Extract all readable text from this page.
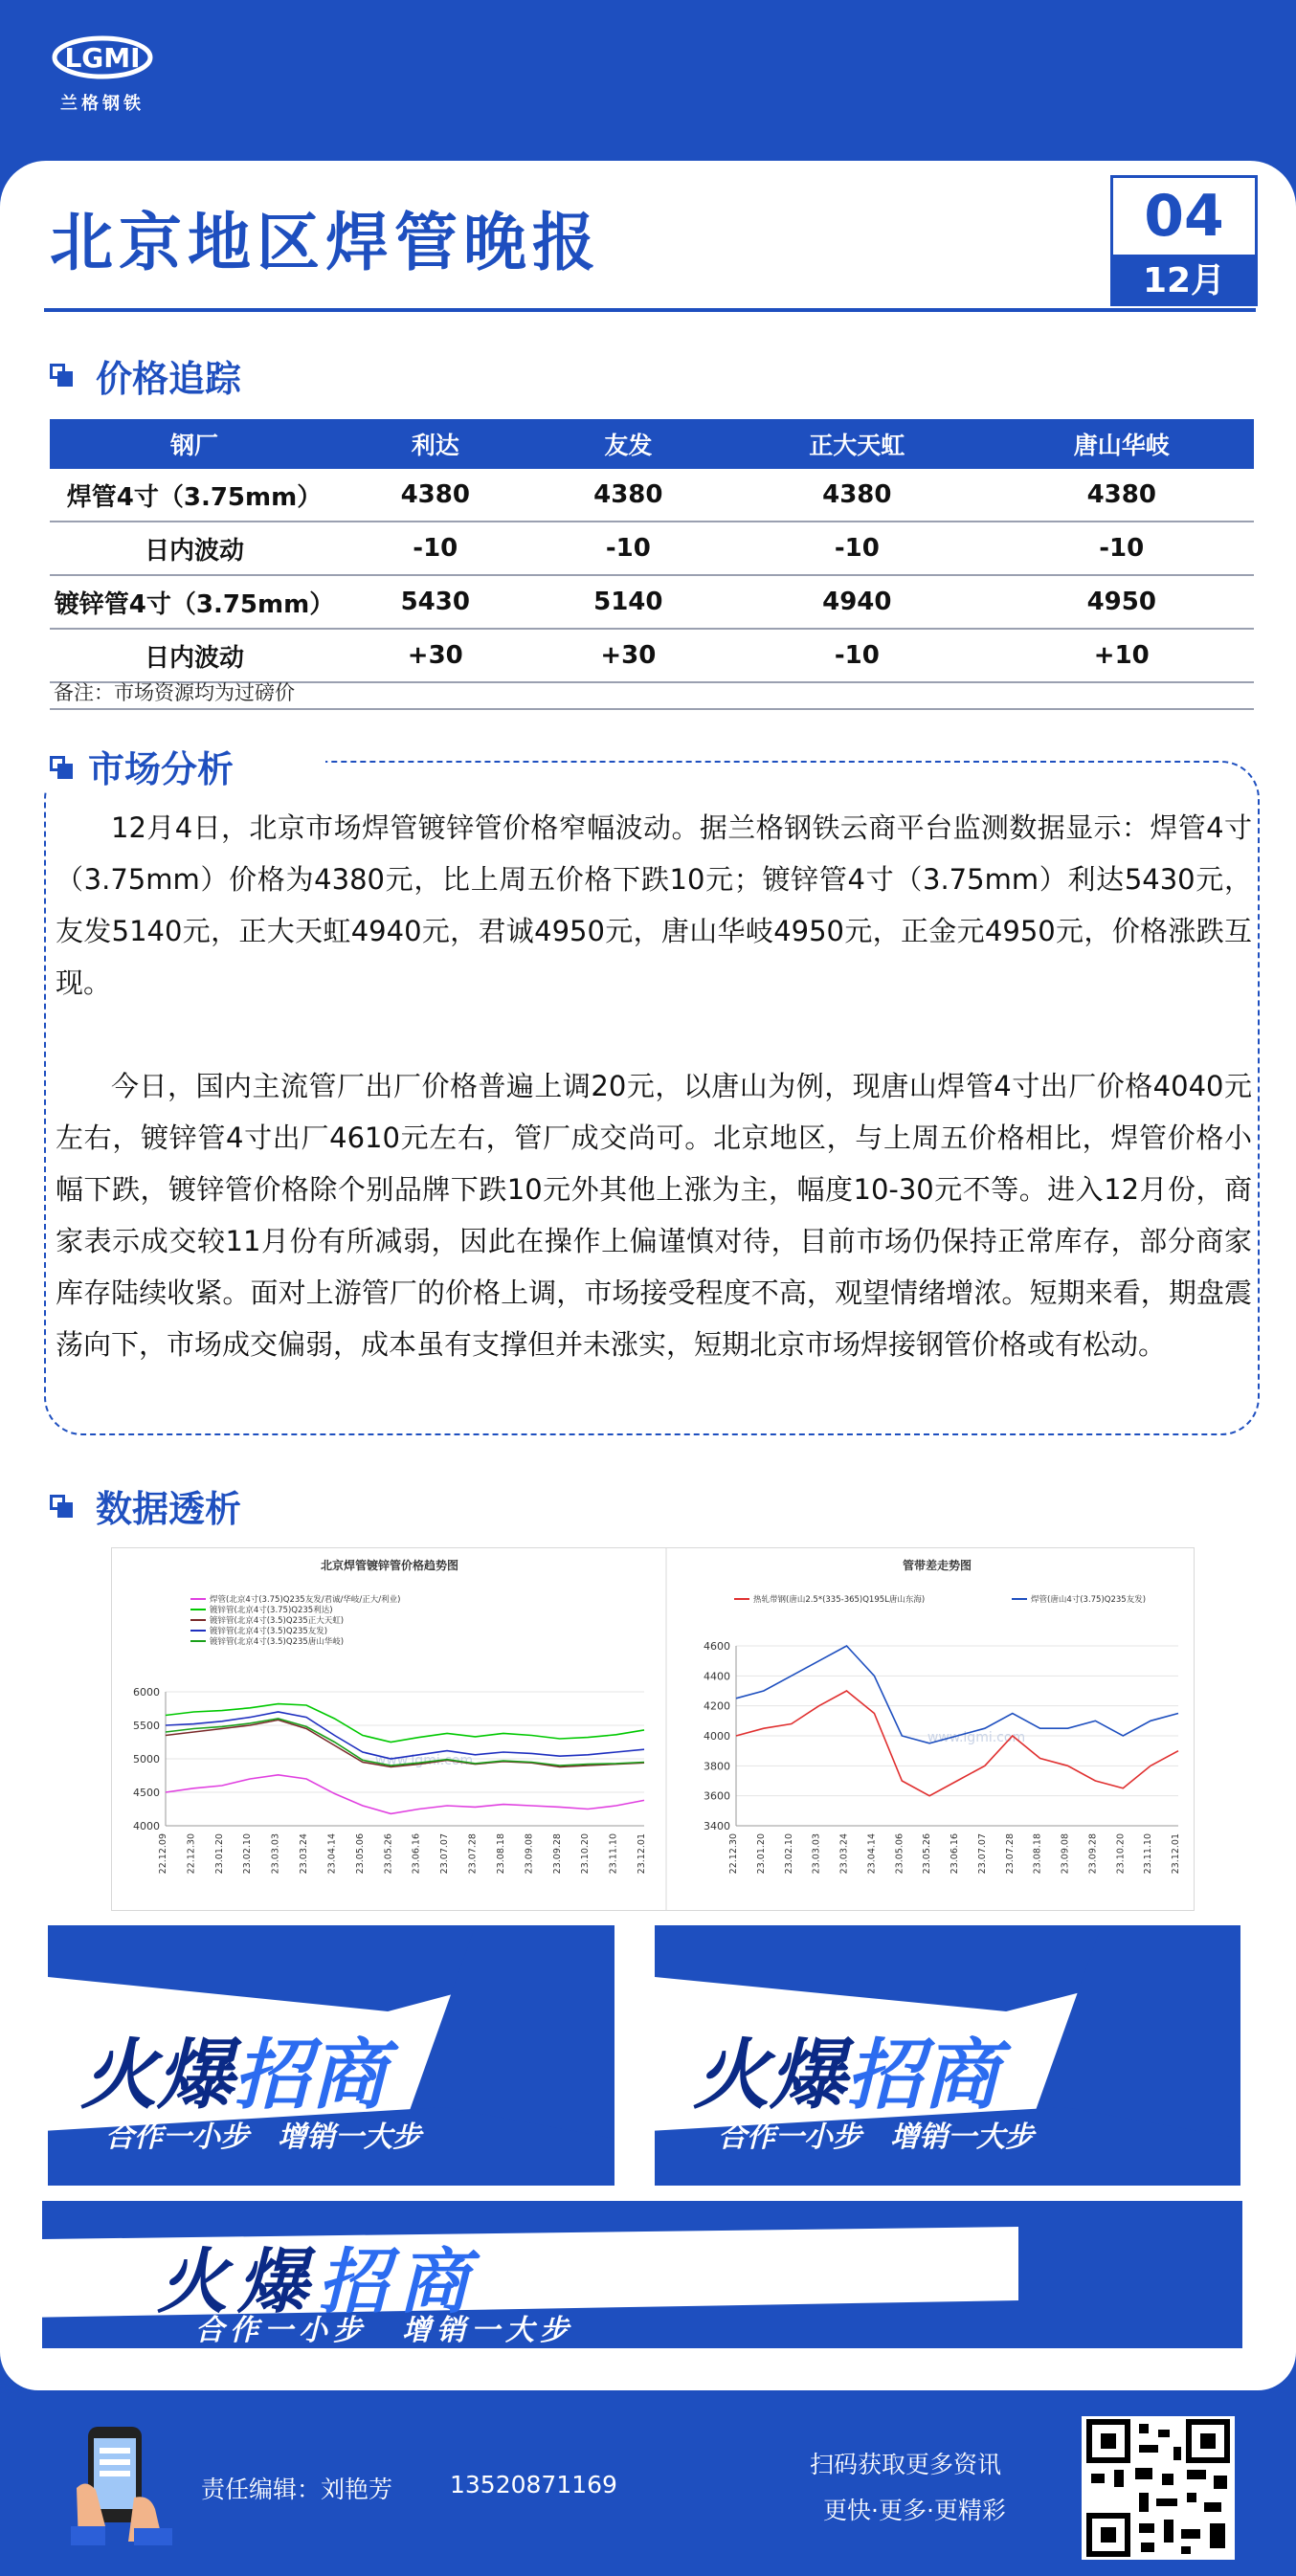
LGMI
兰格钢铁
北京地区焊管晚报	04
12月
价格追踪
钢厂	利达	友发	正大天虹	唐山华岐
焊管4寸（3.75mm）	4380	4380	4380	4380
日内波动	-10	-10	-10	-10
镀锌管4寸（3.75mm）	5430	5140	4940	4950
日内波动	+30	+30	-10	+10
备注：市场资源均为过磅价
市场分析
12月4日，北京市场焊管镀锌管价格窄幅波动。据兰格钢铁云商平台监测数据显示：焊管4寸（3.75mm）价格为4380元，比上周五价格下跌10元；镀锌管4寸（3.75mm）利达5430元，友发5140元，正大天虹4940元，君诚4950元，唐山华岐4950元，正金元4950元，价格涨跌互现。
今日，国内主流管厂出厂价格普遍上调20元，以唐山为例，现唐山焊管4寸出厂价格4040元左右，镀锌管4寸出厂4610元左右，管厂成交尚可。北京地区，与上周五价格相比，焊管价格小幅下跌，镀锌管价格除个别品牌下跌10元外其他上涨为主，幅度10-30元不等。进入12月份，商家表示成交较11月份有所减弱，因此在操作上偏谨慎对待，目前市场仍保持正常库存，部分商家库存陆续收紧。面对上游管厂的价格上调，市场接受程度不高，观望情绪增浓。短期来看，期盘震荡向下，市场成交偏弱，成本虽有支撑但并未涨实，短期北京市场焊接钢管价格或有松动。
数据透析
北京焊管镀锌管价格趋势图
4000
4500
5000
5500
6000
22.12.09 22.12.30 23.01.20 23.02.10 23.03.03 23.03.24 23.04.14 23.05.06 23.05.26 23.06.16 23.07.07 23.07.28 23.08.18 23.09.08 23.09.28 23.10.20 23.11.10 23.12.01
www.lgmi.com
焊管(北京4寸(3.75)Q235友发/君诚/华岐/正大/利业)
镀锌管(北京4寸(3.75)Q235利达)
镀锌管(北京4寸(3.5)Q235正大天虹)
镀锌管(北京4寸(3.5)Q235友发)
镀锌管(北京4寸(3.5)Q235唐山华岐)
管带差走势图
3400
3600
3800
4000
4200
4400
4600
22.12.30 23.01.20 23.02.10 23.03.03 23.03.24 23.04.14 23.05.06 23.05.26 23.06.16 23.07.07 23.07.28 23.08.18 23.09.08 23.09.28 23.10.20 23.11.10 23.12.01
www.lgmi.com
热轧带钢(唐山2.5*(335-365)Q195L唐山东海)	焊管(唐山4寸(3.75)Q235友发)
火爆招商
合作一小步　增销一大步
火爆招商
合作一小步　增销一大步
火爆招商
合作一小步　增销一大步
责任编辑：刘艳芳 13520871169
扫码获取更多资讯
更快·更多·更精彩
